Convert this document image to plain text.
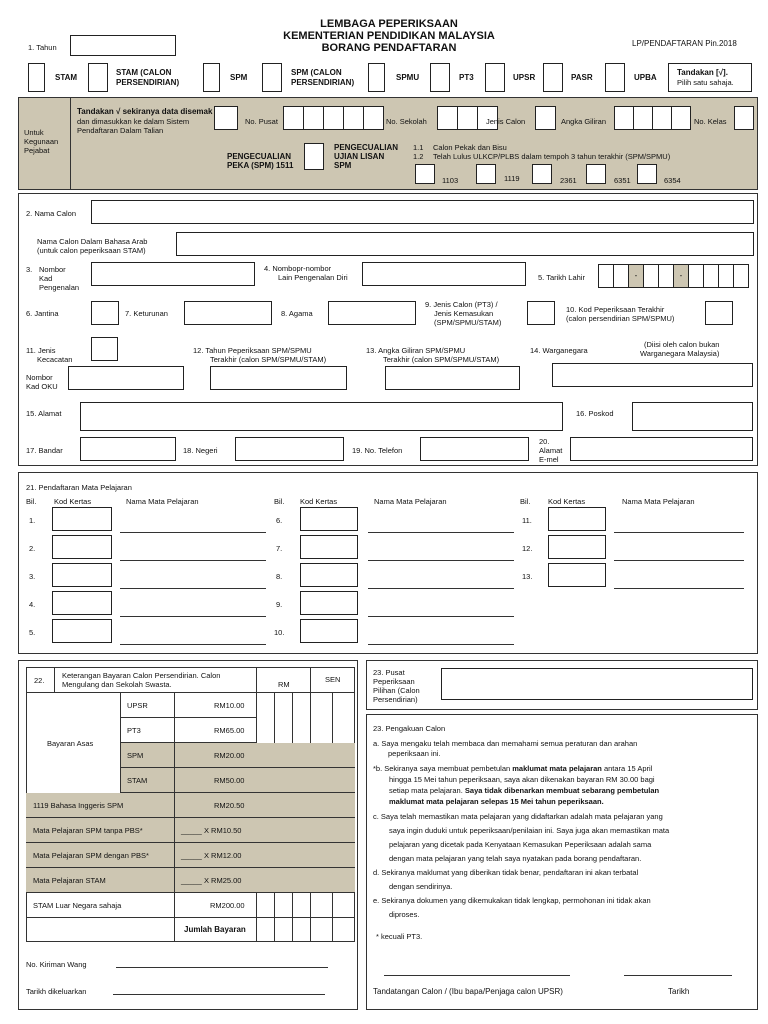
LEMBAGA PEPERIKSAAN
KEMENTERIAN PENDIDIKAN MALAYSIA
BORANG PENDAFTARAN	LP/PENDAFTARAN Pin.2018
1. Tahun
STAM
STAM (CALON PERSENDIRIAN)
SPM
SPM (CALON PERSENDIRIAN)
SPMU	PT3	UPSR	PASR	UPBA
Tandakan [√].
Pilih satu sahaja.
Untuk Kegunaan Pejabat
Tandakan √ sekiranya data disemak
dan dimasukkan ke dalam Sistem
Pendaftaran Dalam Talian
No. Pusat	No. Sekolah	Jenis Calon	Angka Giliran	No. Kelas
PENGECUALIAN
PEKA (SPM) 1511
PENGECUALIAN
UJIAN LISAN
SPM
1.1 Calon Pekak dan Bisu
1.2 Telah Lulus ULKCP/PLBS dalam tempoh 3 tahun terakhir (SPM/SPMU)
1103	1119	2361	6351	6354
2. Nama Calon
Nama Calon Dalam Bahasa Arab
(untuk calon peperiksaan STAM)
3. Nombor
Kad
Pengenalan
4. Nombopr-nombor
Lain Pengenalan Diri	5. Tarikh Lahir	-	-
6. Jantina	7. Keturunan	8. Agama
9. Jenis Calon (PT3) /
Jenis Kemasukan
(SPM/SPMU/STAM)
10. Kod Peperiksaan Terakhir
(calon persendirian SPM/SPMU)
11. Jenis
Kecacatan
12. Tahun Peperiksaan SPM/SPMU
Terakhir (calon SPM/SPMU/STAM)
13. Angka Giliran SPM/SPMU
Terakhir (calon SPM/SPMU/STAM)
14. Warganegara
(Diisi oleh calon bukan
Warganegara Malaysia)
Nombor
Kad OKU
15. Alamat	16. Poskod
17. Bandar	18. Negeri	19. No. Telefon
20.
Alamat
E-mel
21. Pendaftaran Mata Pelajaran
Bil. Kod Kertas	Nama Mata Pelajaran	Bil. Kod Kertas	Nama Mata Pelajaran	Bil. Kod Kertas	Nama Mata Pelajaran
1.
2.
3.
4.
5.
6.
7.
8.
9.
10.
11.
12.
13.
22.
Keterangan Bayaran Calon Persendirian. Calon
Mengulang dan Sekolah Swasta.	RM
SEN
Bayaran Asas
UPSR	RM10.00
PT3	RM65.00
SPM	RM20.00
STAM	RM50.00
1119 Bahasa Inggeris SPM	RM20.50
Mata Pelajaran SPM tanpa PBS*	_____ X RM10.50
Mata Pelajaran SPM dengan PBS*	_____ X RM12.00
Mata Pelajaran STAM	_____ X RM25.00
STAM Luar Negara sahaja	RM200.00
Jumlah Bayaran
No. Kiriman Wang
Tarikh dikeluarkan
23. Pusat
Peperiksaan
Pilihan (Calon
Persendirian)
23. Pengakuan Calon
a. Saya mengaku telah membaca dan memahami semua peraturan dan arahan
peperiksaan ini.
*b. Sekiranya saya membuat pembetulan maklumat mata pelajaran antara 15 April
hingga 15 Mei tahun peperiksaan, saya akan dikenakan bayaran RM 30.00 bagi
setiap mata pelajaran. Saya tidak dibenarkan membuat sebarang pembetulan
maklumat mata pelajaran selepas 15 Mei tahun peperiksaan.
c. Saya telah memastikan mata pelajaran yang didaftarkan adalah mata pelajaran yang
saya ingin duduki untuk peperiksaan/penilaian ini. Saya juga akan memastikan mata
pelajaran yang dicetak pada Kenyataan Kemasukan Peperiksaan adalah sama
dengan mata pelajaran yang telah saya nyatakan pada borang pendaftaran.
d. Sekiranya maklumat yang diberikan tidak benar, pendaftaran ini akan terbatal
dengan sendirinya.
e. Sekiranya dokumen yang dikemukakan tidak lengkap, permohonan ini tidak akan
diproses.
* kecuali PT3.
Tandatangan Calon / (Ibu bapa/Penjaga calon UPSR)	Tarikh
